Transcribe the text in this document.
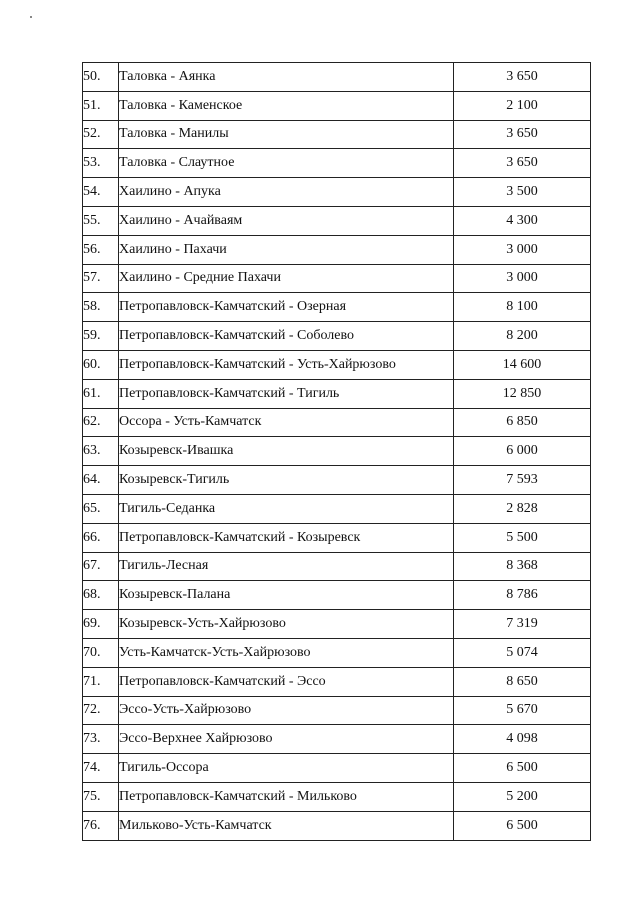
50.	Таловка - Аянка	3 650
51.	Таловка - Каменское	2 100
52.	Таловка - Манилы	3 650
53.	Таловка - Слаутное	3 650
54.	Хаилино - Апука	3 500
55.	Хаилино - Ачайваям	4 300
56.	Хаилино - Пахачи	3 000
57.	Хаилино - Средние Пахачи	3 000
58.	Петропавловск-Камчатский - Озерная	8 100
59.	Петропавловск-Камчатский - Соболево	8 200
60.	Петропавловск-Камчатский - Усть-Хайрюзово	14 600
61.	Петропавловск-Камчатский - Тигиль	12 850
62.	Оссора - Усть-Камчатск	6 850
63.	Козыревск-Ивашка	6 000
64.	Козыревск-Тигиль	7 593
65.	Тигиль-Седанка	2 828
66.	Петропавловск-Камчатский - Козыревск	5 500
67.	Тигиль-Лесная	8 368
68.	Козыревск-Палана	8 786
69.	Козыревск-Усть-Хайрюзово	7 319
70.	Усть-Камчатск-Усть-Хайрюзово	5 074
71.	Петропавловск-Камчатский - Эссо	8 650
72.	Эссо-Усть-Хайрюзово	5 670
73.	Эссо-Верхнее Хайрюзово	4 098
74.	Тигиль-Оссора	6 500
75.	Петропавловск-Камчатский - Мильково	5 200
76.	Мильково-Усть-Камчатск	6 500
